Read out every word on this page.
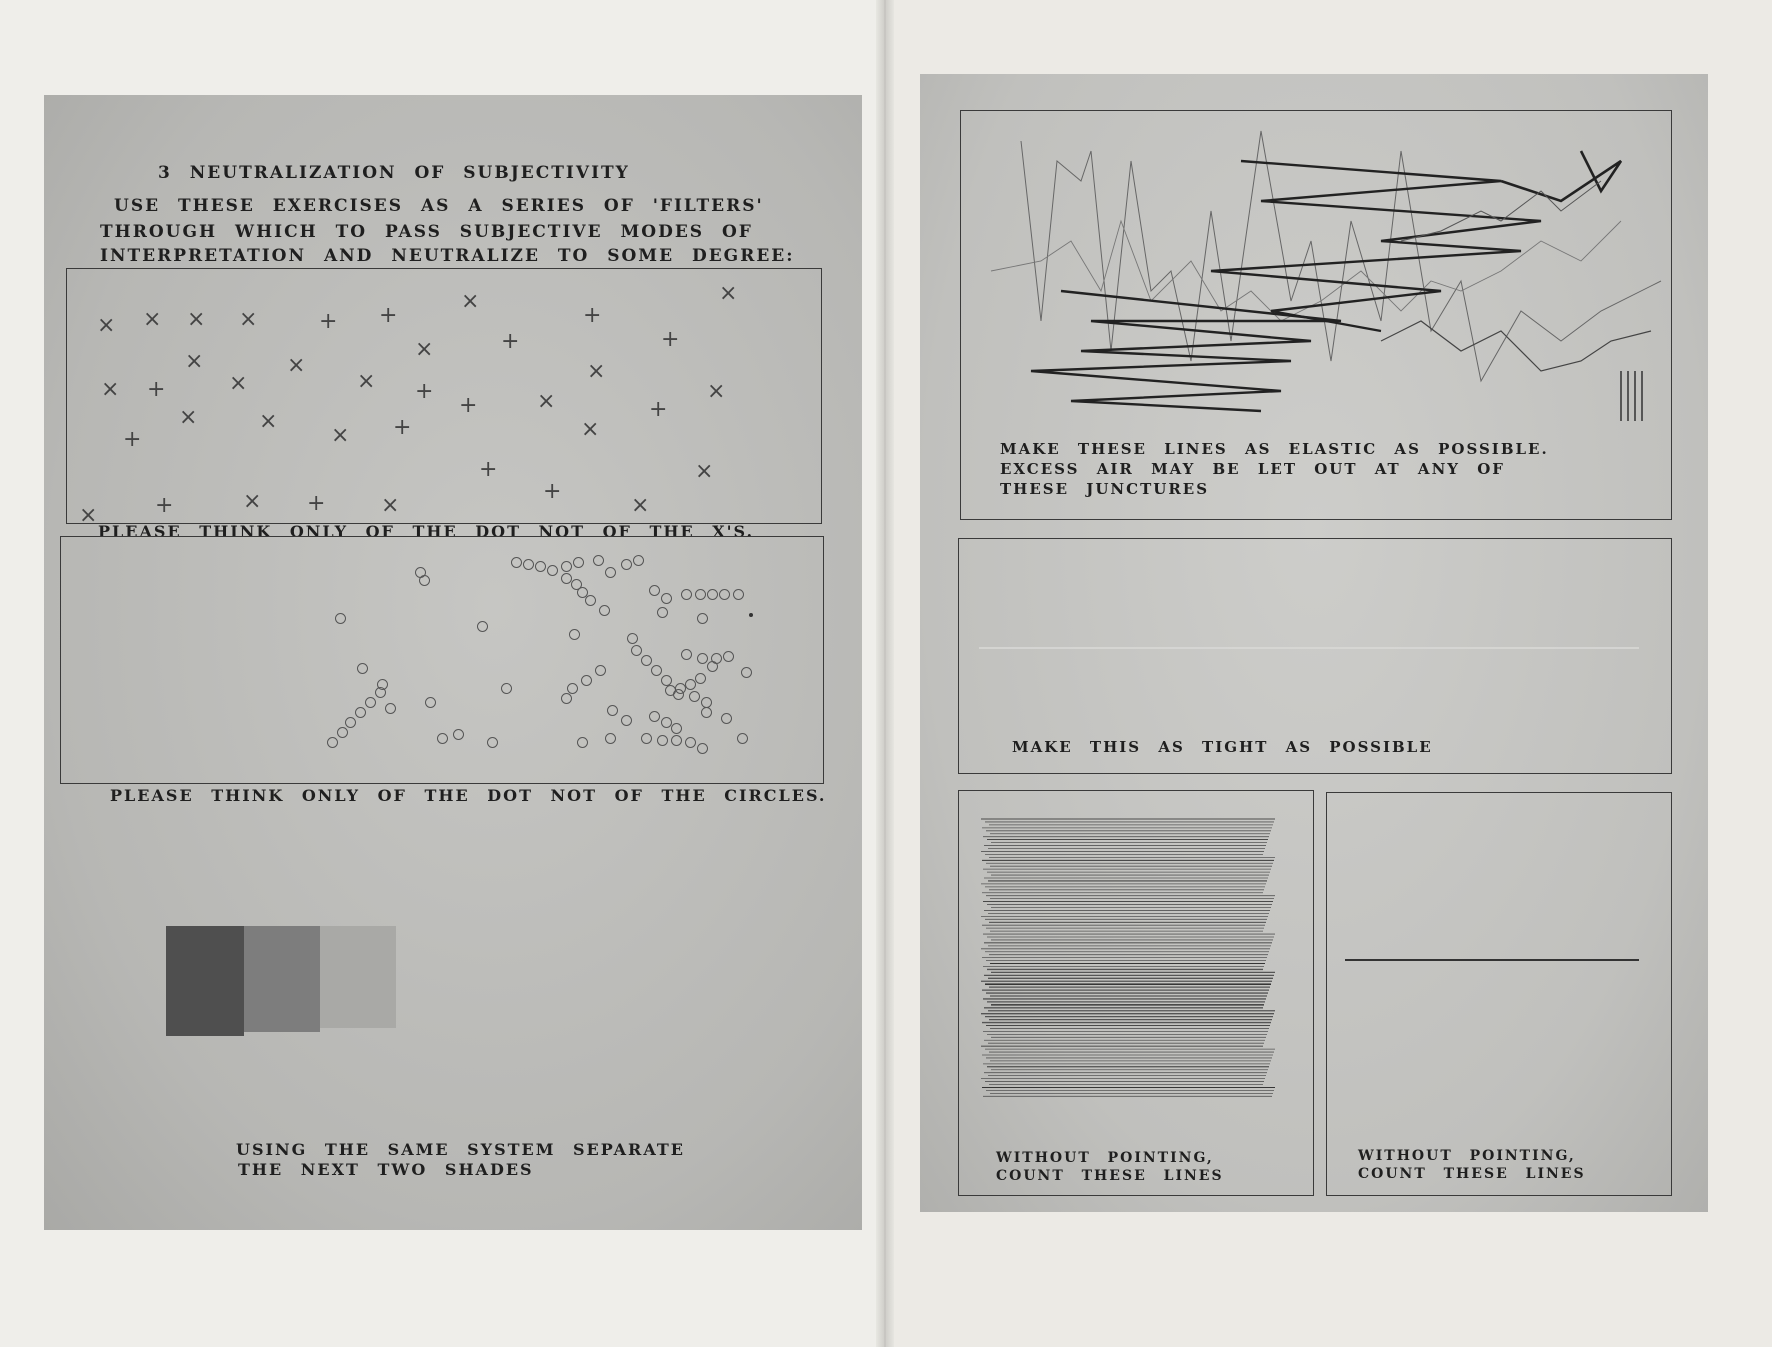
3 NEUTRALIZATION OF SUBJECTIVITY

USE THESE EXERCISES AS A SERIES OF 'FILTERS'

THROUGH WHICH TO PASS SUBJECTIVE MODES OF

INTERPRETATION AND NEUTRALIZE TO SOME DEGREE:

× × × ×	+ +
×
+
×
×	×
×	+	+
× +	×	× +
+	×
×
+
×
×	×
× +	×
+
+
+
×
+	× +	×	×
×

PLEASE THINK ONLY OF THE DOT NOT OF THE X'S.

PLEASE THINK ONLY OF THE DOT NOT OF THE CIRCLES.

USING THE SAME SYSTEM SEPARATE

THE NEXT TWO SHADES

MAKE THESE LINES AS ELASTIC AS POSSIBLE.

EXCESS AIR MAY BE LET OUT AT ANY OF

THESE JUNCTURES

MAKE THIS AS TIGHT AS POSSIBLE

WITHOUT POINTING,

COUNT THESE LINES

WITHOUT POINTING,

COUNT THESE LINES
